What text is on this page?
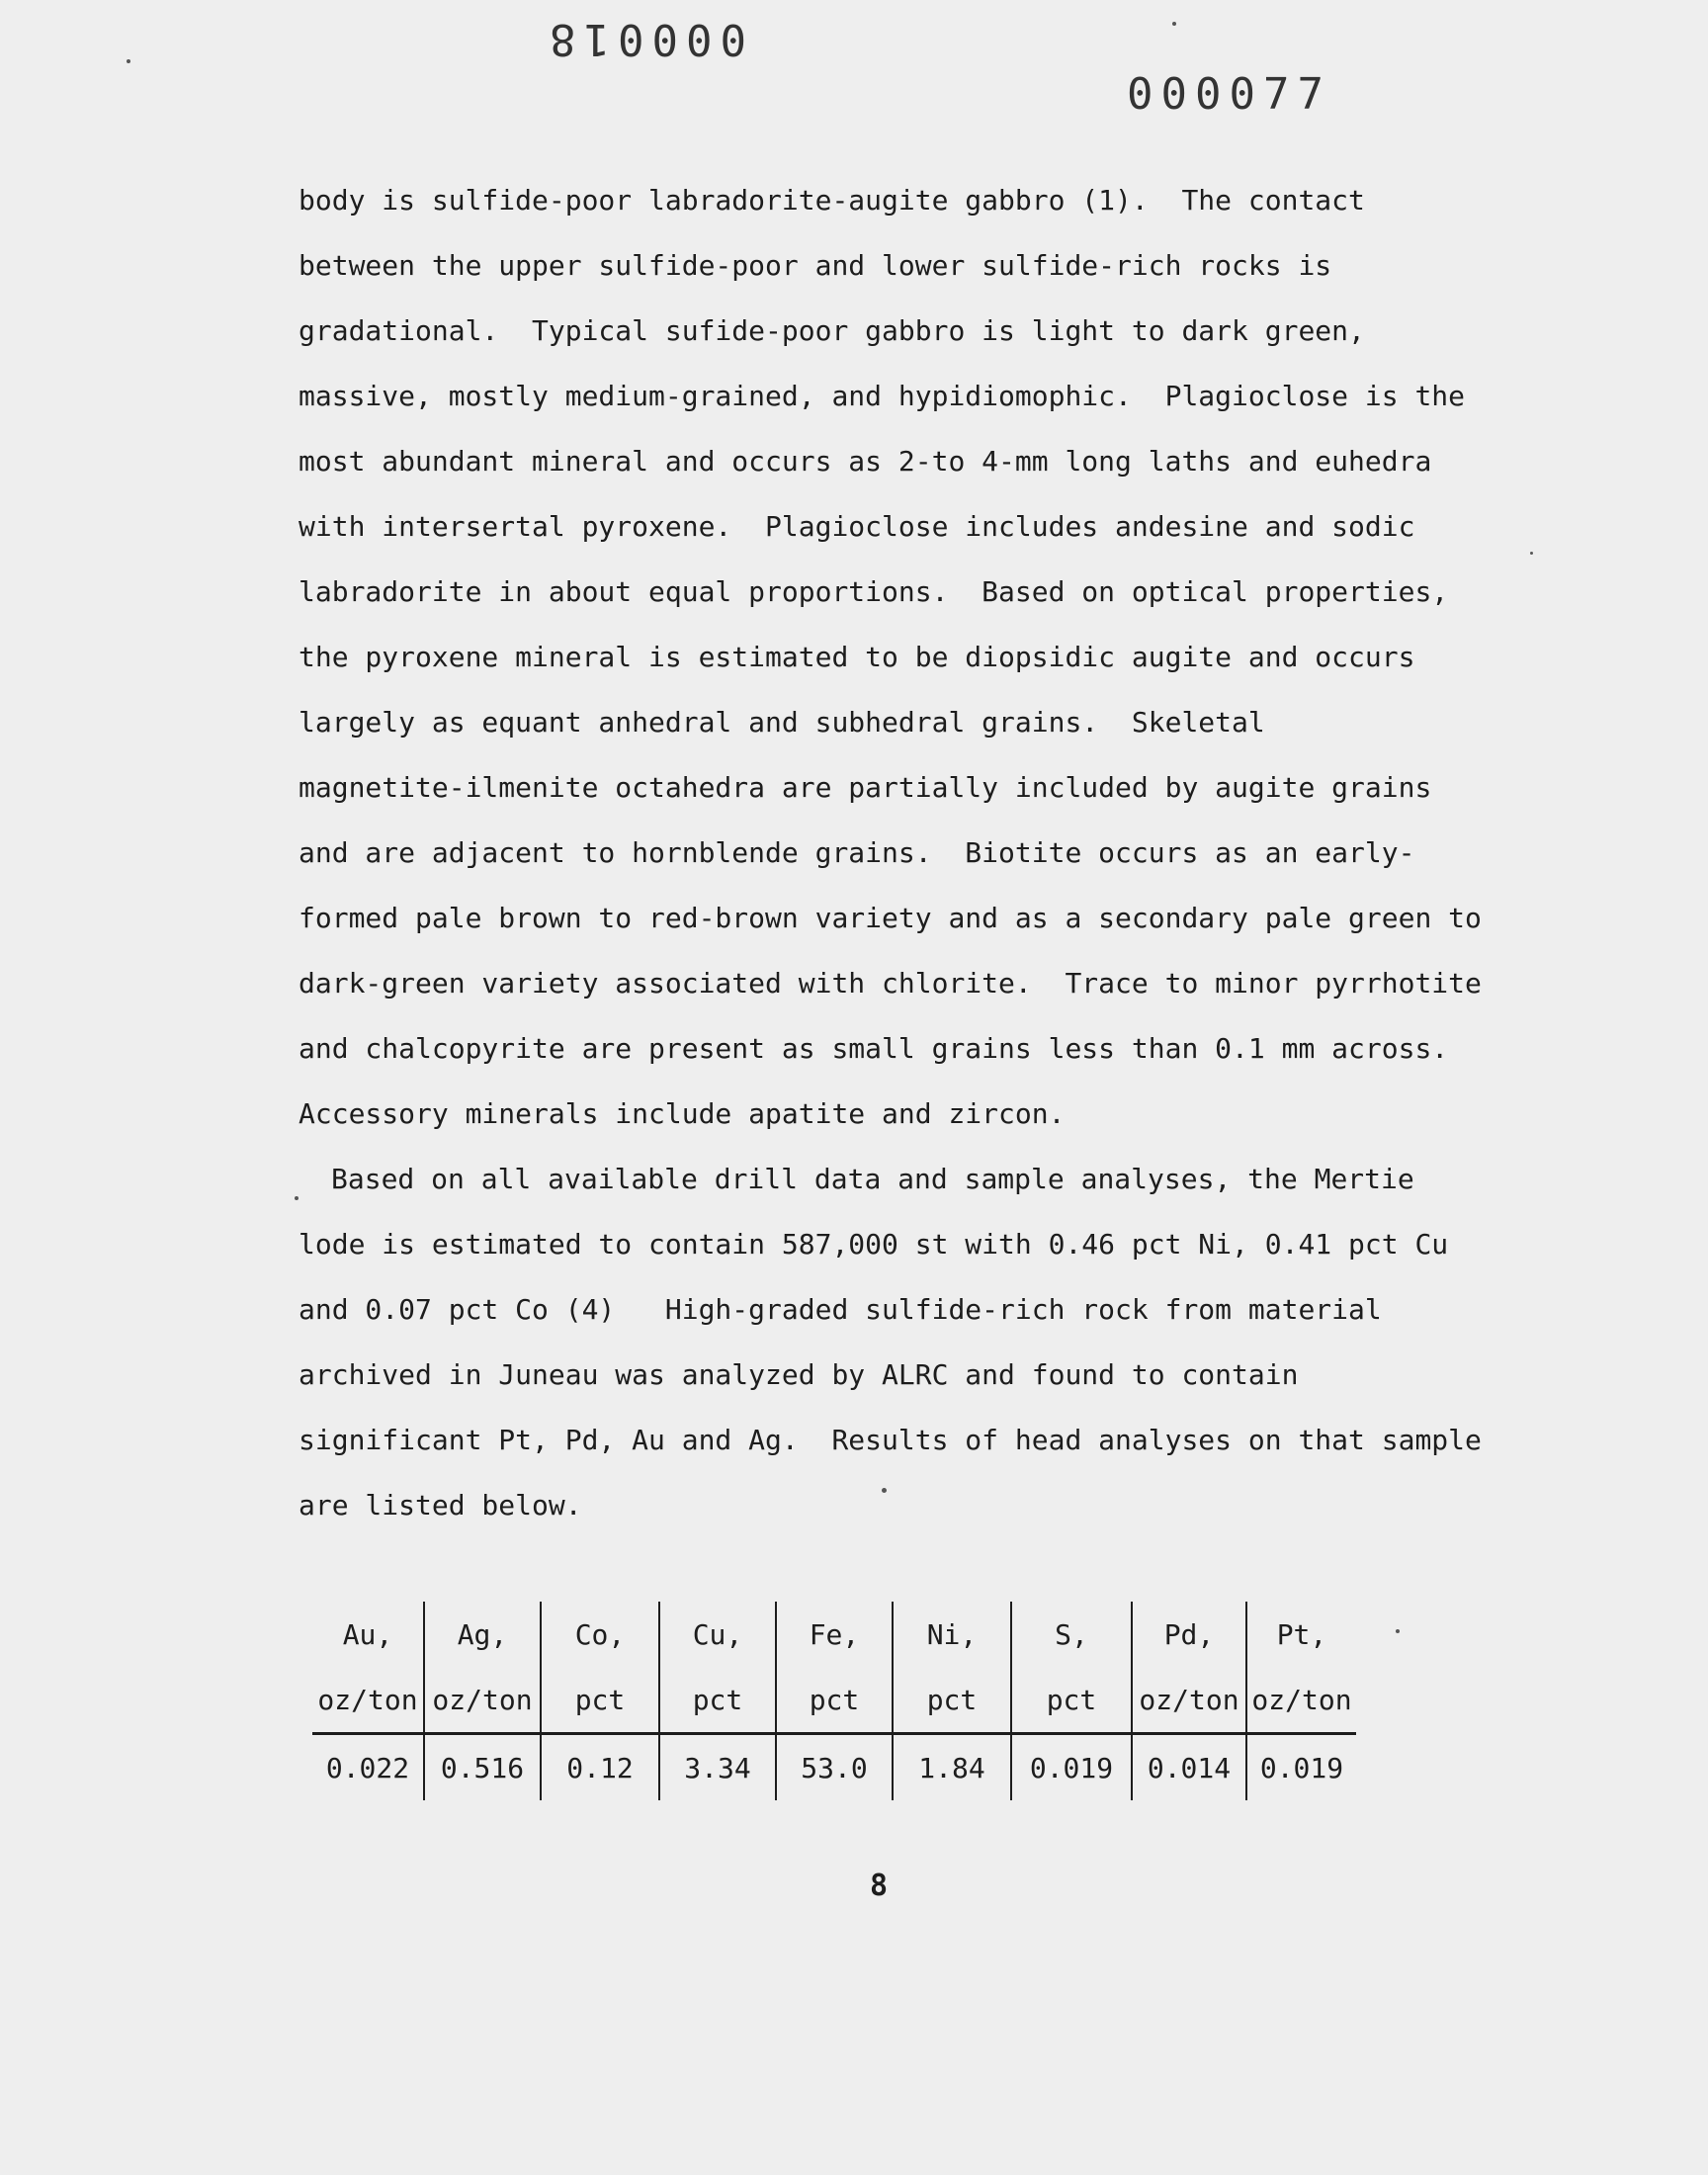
000018
000077
body is sulfide-poor labradorite-augite gabbro (1).  The contact
between the upper sulfide-poor and lower sulfide-rich rocks is
gradational.  Typical sufide-poor gabbro is light to dark green,
massive, mostly medium-grained, and hypidiomophic.  Plagioclose is the
most abundant mineral and occurs as 2-to 4-mm long laths and euhedra
with intersertal pyroxene.  Plagioclose includes andesine and sodic
labradorite in about equal proportions.  Based on optical properties,
the pyroxene mineral is estimated to be diopsidic augite and occurs
largely as equant anhedral and subhedral grains.  Skeletal
magnetite-ilmenite octahedra are partially included by augite grains
and are adjacent to hornblende grains.  Biotite occurs as an early-
formed pale brown to red-brown variety and as a secondary pale green to
dark-green variety associated with chlorite.  Trace to minor pyrrhotite
and chalcopyrite are present as small grains less than 0.1 mm across.
Accessory minerals include apatite and zircon.
Based on all available drill data and sample analyses, the Mertie
lode is estimated to contain 587,000 st with 0.46 pct Ni, 0.41 pct Cu
and 0.07 pct Co (4)   High-graded sulfide-rich rock from material
archived in Juneau was analyzed by ALRC and found to contain
significant Pt, Pd, Au and Ag.  Results of head analyses on that sample
are listed below.
Au,	Ag,	Co,	Cu,	Fe,	Ni,	S,	Pd,	Pt,
oz/ton	oz/ton	pct	pct	pct	pct	pct	oz/ton	oz/ton
0.022	0.516	0.12	3.34	53.0	1.84	0.019	0.014	0.019
8
